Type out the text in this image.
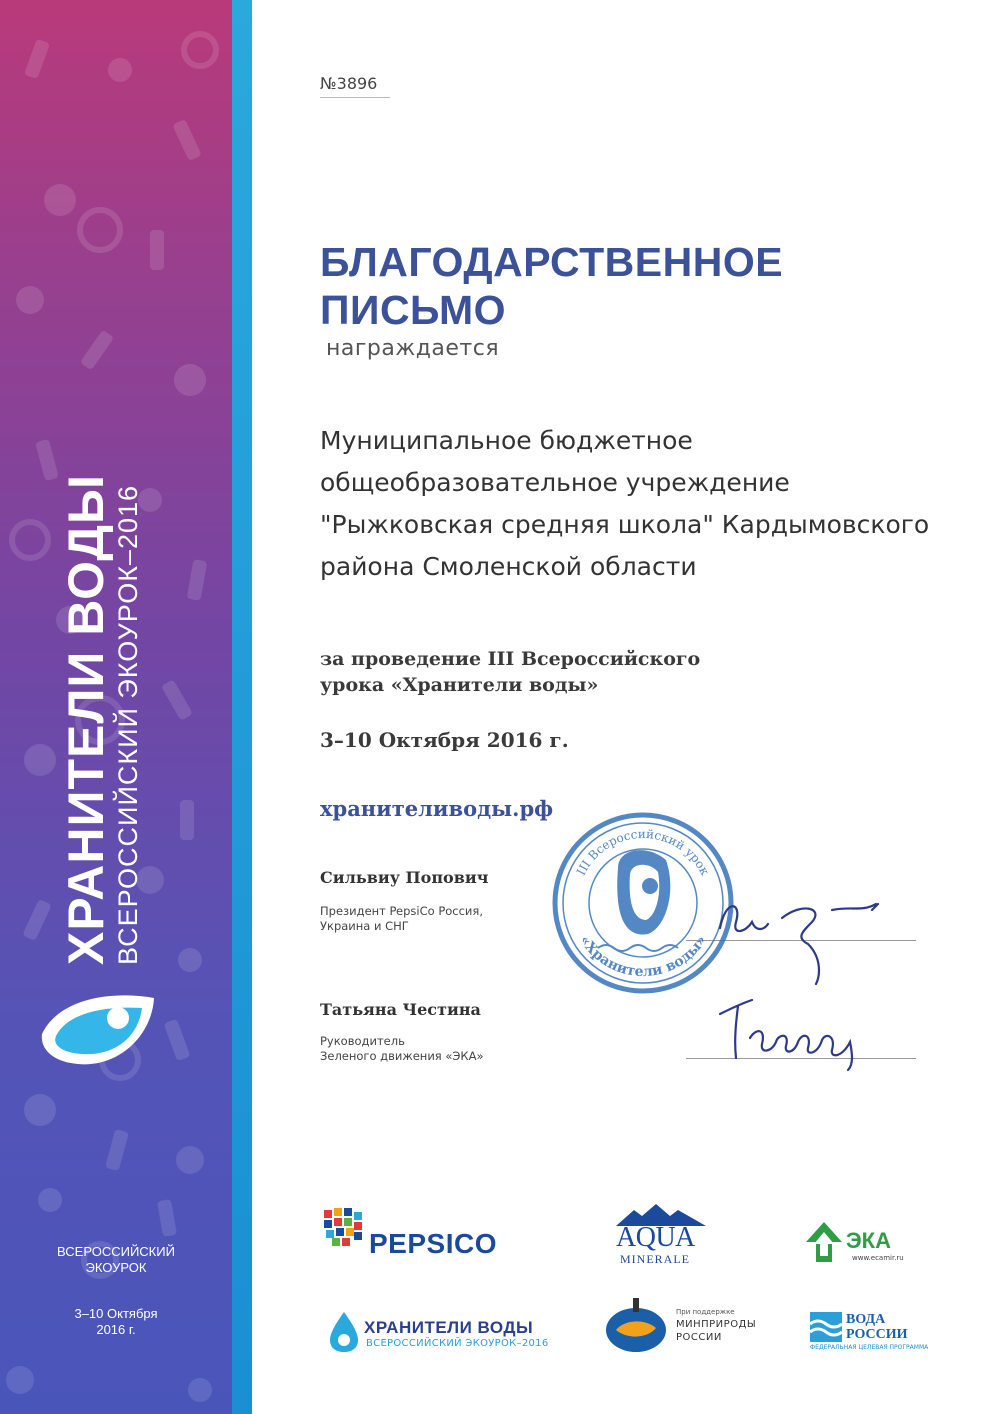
ХРАНИТЕЛИ ВОДЫ ВСЕРОССИЙСКИЙ ЭКОУРОК–2016
ВСЕРОССИЙСКИЙ
ЭКОУРОК
3–10 Октября
2016 г.
№3896
БЛАГОДАРСТВЕННОЕ
ПИСЬМО
награждается
Муниципальное бюджетное
общеобразовательное учреждение
"Рыжковская средняя школа" Кардымовского
района Смоленской области
за проведение III Всероссийского
урока «Хранители воды»
3–10 Октября 2016 г.
хранителиводы.рф
Сильвиу Попович
Президент PepsiCo Россия,
Украина и СНГ
Татьяна Честина
Руководитель
Зеленого движения «ЭКА»
III Всероссийский урок
«Хранители воды»
PEPSICO	AQUA
MINERALE
ЭКА
www.ecamir.ru
ХРАНИТЕЛИ ВОДЫ
ВСЕРОССИЙСКИЙ ЭКОУРОК–2016
При поддержке
МИНПРИРОДЫ
РОССИИ
ВОДА
РОССИИ
ФЕДЕРАЛЬНАЯ ЦЕЛЕВАЯ ПРОГРАММА
